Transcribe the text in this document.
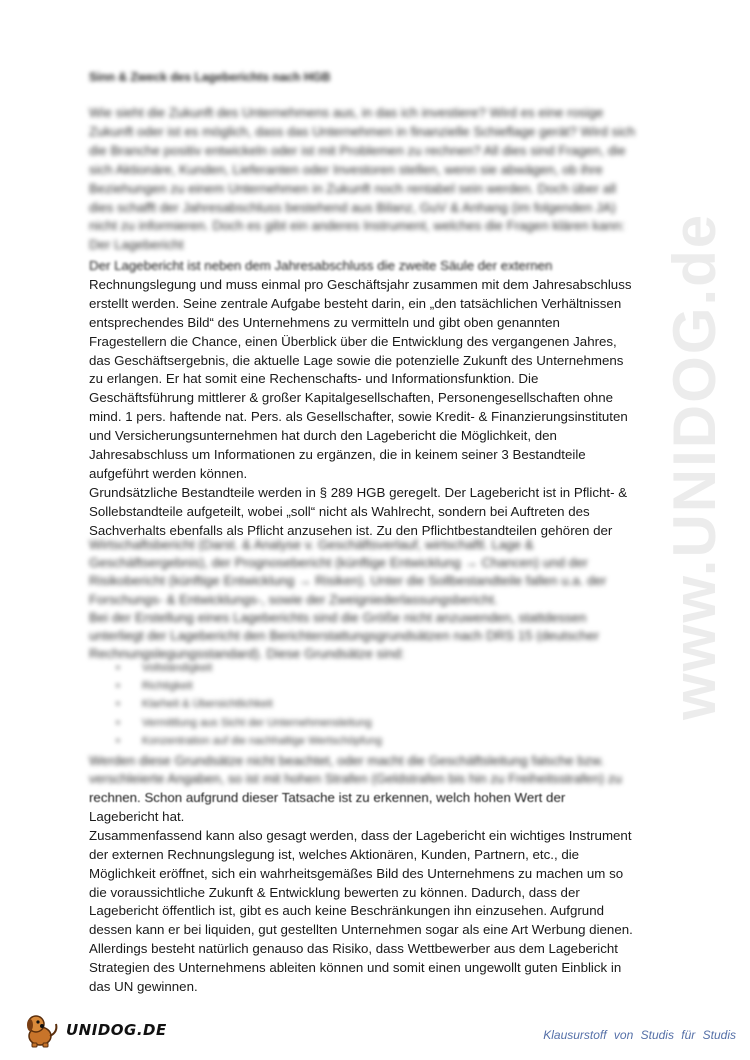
www.UNIDOG.de
Sinn & Zweck des Lageberichts nach HGB

Wie sieht die Zukunft des Unternehmens aus, in das ich investiere? Wird es eine rosige

Zukunft oder ist es möglich, dass das Unternehmen in finanzielle Schieflage gerät? Wird sich

die Branche positiv entwickeln oder ist mit Problemen zu rechnen? All dies sind Fragen, die

sich Aktionäre, Kunden, Lieferanten oder Investoren stellen, wenn sie abwägen, ob ihre

Beziehungen zu einem Unternehmen in Zukunft noch rentabel sein werden. Doch über all

dies schafft der Jahresabschluss bestehend aus Bilanz, GuV & Anhang (im folgenden JA)

nicht zu informieren. Doch es gibt ein anderes Instrument, welches die Fragen klären kann:

Der Lagebericht

Der Lagebericht ist neben dem Jahresabschluss die zweite Säule der externen

Rechnungslegung und muss einmal pro Geschäftsjahr zusammen mit dem Jahresabschluss

erstellt werden. Seine zentrale Aufgabe besteht darin, ein „den tatsächlichen Verhältnissen

entsprechendes Bild“ des Unternehmens zu vermitteln und gibt oben genannten

Fragestellern die Chance, einen Überblick über die Entwicklung des vergangenen Jahres,

das Geschäftsergebnis, die aktuelle Lage sowie die potenzielle Zukunft des Unternehmens

zu erlangen. Er hat somit eine Rechenschafts- und Informationsfunktion. Die

Geschäftsführung mittlerer & großer Kapitalgesellschaften, Personengesellschaften ohne

mind. 1 pers. haftende nat. Pers. als Gesellschafter, sowie Kredit- & Finanzierungsinstituten

und Versicherungsunternehmen hat durch den Lagebericht die Möglichkeit, den

Jahresabschluss um Informationen zu ergänzen, die in keinem seiner 3 Bestandteile

aufgeführt werden können.

Grundsätzliche Bestandteile werden in § 289 HGB geregelt. Der Lagebericht ist in Pflicht- &

Sollebstandteile aufgeteilt, wobei „soll“ nicht als Wahlrecht, sondern bei Auftreten des

Sachverhalts ebenfalls als Pflicht anzusehen ist. Zu den Pflichtbestandteilen gehören der

Wirtschaftsbericht (Darst. & Analyse v. Geschäftsverlauf, wirtschaftl. Lage &

Geschäftsergebnis), der Prognosebericht (künftige Entwicklung → Chancen) und der

Risikobericht (künftige Entwicklung → Risiken). Unter die Sollbestandteile fallen u.a. der

Forschungs- & Entwicklungs-, sowie der Zweigniederlassungsbericht.

Bei der Erstellung eines Lageberichts sind die Größe nicht anzuwenden, stattdessen

unterliegt der Lagebericht den Berichterstattungsgrundsätzen nach DRS 15 (deutscher

Rechnungslegungsstandard). Diese Grundsätze sind:

• Vollständigkeit
• Richtigkeit
• Klarheit & Übersichtlichkeit
• Vermittlung aus Sicht der Unternehmensleitung
• Konzentration auf die nachhaltige Wertschöpfung

Werden diese Grundsätze nicht beachtet, oder macht die Geschäftsleitung falsche bzw.

verschleierte Angaben, so ist mit hohen Strafen (Geldstrafen bis hin zu Freiheitsstrafen) zu

rechnen. Schon aufgrund dieser Tatsache ist zu erkennen, welch hohen Wert der

Lagebericht hat.

Zusammenfassend kann also gesagt werden, dass der Lagebericht ein wichtiges Instrument

der externen Rechnungslegung ist, welches Aktionären, Kunden, Partnern, etc., die

Möglichkeit eröffnet, sich ein wahrheitsgemäßes Bild des Unternehmens zu machen um so

die voraussichtliche Zukunft & Entwicklung bewerten zu können. Dadurch, dass der

Lagebericht öffentlich ist, gibt es auch keine Beschränkungen ihn einzusehen. Aufgrund

dessen kann er bei liquiden, gut gestellten Unternehmen sogar als eine Art Werbung dienen.

Allerdings besteht natürlich genauso das Risiko, dass Wettbewerber aus dem Lagebericht

Strategien des Unternehmens ableiten können und somit einen ungewollt guten Einblick in

das UN gewinnen.

UNIDOG.DE	Klausurstoff von Studis für Studis
